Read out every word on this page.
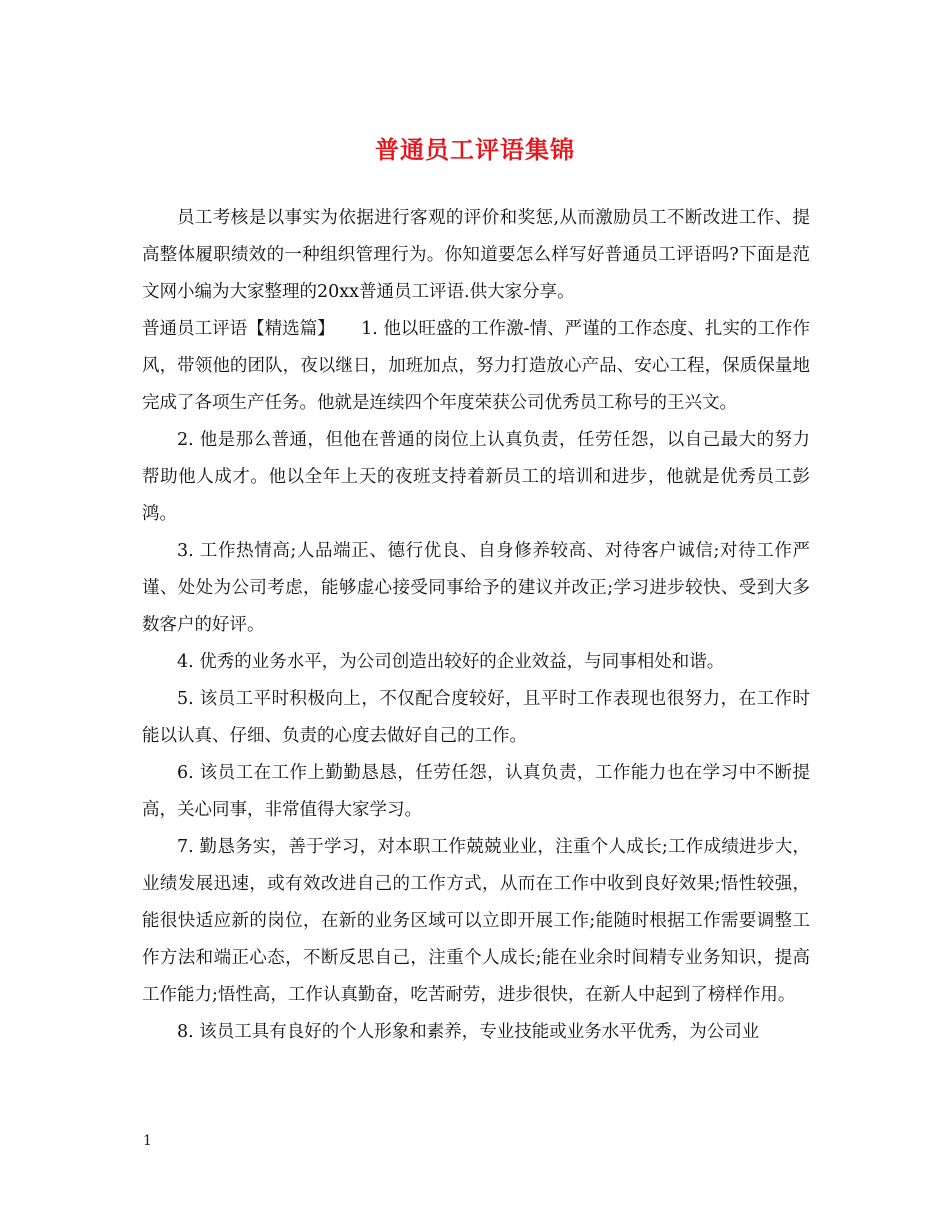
普通员工评语集锦

员工考核是以事实为依据进行客观的评价和奖惩,从而激励员工不断改进工作、提高整体履职绩效的一种组织管理行为。你知道要怎么样写好普通员工评语吗?下面是范文网小编为大家整理的20xx普通员工评语.供大家分享。

普通员工评语【精选篇】　　1. 他以旺盛的工作激-情、严谨的工作态度、扎实的工作作风，带领他的团队，夜以继日，加班加点，努力打造放心产品、安心工程，保质保量地完成了各项生产任务。他就是连续四个年度荣获公司优秀员工称号的王兴文。

2. 他是那么普通，但他在普通的岗位上认真负责，任劳任怨，以自己最大的努力帮助他人成才。他以全年上天的夜班支持着新员工的培训和进步，他就是优秀员工彭鸿。

3. 工作热情高;人品端正、德行优良、自身修养较高、对待客户诚信;对待工作严谨、处处为公司考虑，能够虚心接受同事给予的建议并改正;学习进步较快、受到大多数客户的好评。

4. 优秀的业务水平，为公司创造出较好的企业效益，与同事相处和谐。

5. 该员工平时积极向上，不仅配合度较好，且平时工作表现也很努力，在工作时能以认真、仔细、负责的心度去做好自己的工作。

6. 该员工在工作上勤勤恳恳，任劳任怨，认真负责，工作能力也在学习中不断提高，关心同事，非常值得大家学习。

7. 勤恳务实，善于学习，对本职工作兢兢业业，注重个人成长;工作成绩进步大，业绩发展迅速，或有效改进自己的工作方式，从而在工作中收到良好效果;悟性较强，能很快适应新的岗位，在新的业务区域可以立即开展工作;能随时根据工作需要调整工作方法和端正心态，不断反思自己，注重个人成长;能在业余时间精专业务知识，提高工作能力;悟性高，工作认真勤奋，吃苦耐劳，进步很快，在新人中起到了榜样作用。

8. 该员工具有良好的个人形象和素养，专业技能或业务水平优秀，为公司业

1
